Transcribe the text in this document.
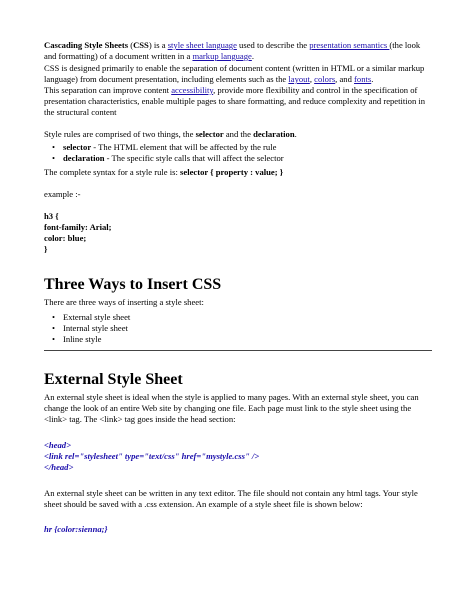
Cascading Style Sheets (CSS) is a style sheet language used to describe the presentation semantics (the look and formatting) of a document written in a markup language.

CSS is designed primarily to enable the separation of document content (written in HTML or a similar markup language) from document presentation, including elements such as the layout, colors, and fonts.

This separation can improve content accessibility, provide more flexibility and control in the specification of presentation characteristics, enable multiple pages to share formatting, and reduce complexity and repetition in the structural content

Style rules are comprised of two things, the selector and the declaration.

• selector - The HTML element that will be affected by the rule
• declaration - The specific style calls that will affect the selector

The complete syntax for a style rule is: selector { property : value; }

example :-

h3 {

font-family: Arial;

color: blue;

}

Three Ways to Insert CSS

There are three ways of inserting a style sheet:

• External style sheet
• Internal style sheet
• Inline style
External Style Sheet

An external style sheet is ideal when the style is applied to many pages. With an external style sheet, you can change the look of an entire Web site by changing one file. Each page must link to the style sheet using the <link> tag. The <link> tag goes inside the head section:

<head>

<link rel="stylesheet" type="text/css" href="mystyle.css" />

</head>

An external style sheet can be written in any text editor. The file should not contain any html tags. Your style sheet should be saved with a .css extension. An example of a style sheet file is shown below:

hr {color:sienna;}
